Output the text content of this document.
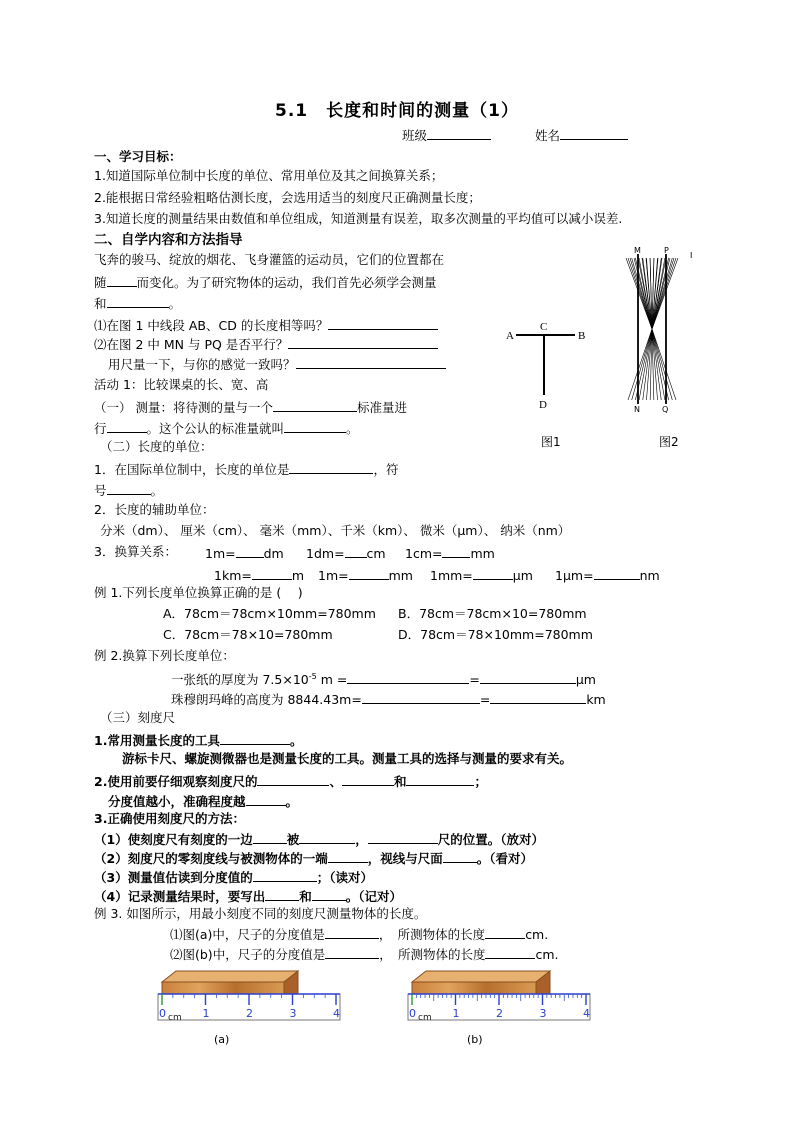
5.1　长度和时间的测量（1）
班级	姓名
一、学习目标：
1.知道国际单位制中长度的单位、常用单位及其之间换算关系；
2.能根据日常经验粗略估测长度，会选用适当的刻度尺正确测量长度；
3.知道长度的测量结果由数值和单位组成，知道测量有误差，取多次测量的平均值可以减小误差.
二、自学内容和方法指导
飞奔的骏马、绽放的烟花、飞身灌篮的运动员，它们的位置都在
随 而变化。为了研究物体的运动，我们首先必须学会测量
和	。
⑴在图 1 中线段 AB、CD 的长度相等吗？
⑵在图 2 中 MN 与 PQ 是否平行？
用尺量一下，与你的感觉一致吗？
活动 1：比较课桌的长、宽、高
（一） 测量：将待测的量与一个	标准量进
行	。这个公认的标准量就叫	。
（二）长度的单位：
1．在国际单位制中，长度的单位是	，符
号	。
2．长度的辅助单位：
分米（dm）、 厘米（cm）、 毫米（mm）、千米（km）、 微米（μm）、 纳米（nm）
3．换算关系： 1m= dm 1dm= cm 1cm= mm
1km=	m 1m=	mm 1mm=	μm 1μm=	nm
例 1.下列长度单位换算正确的是 (　 )
A．78cm＝78cm×10mm=780mm B．78cm＝78cm×10=780mm
C．78cm＝78×10=780mm	D．78cm＝78×10mm=780mm
例 2.换算下列长度单位：
一张纸的厚度为 $7.5\times 10^{-5}$ m =	=	μm
珠穆朗玛峰的高度为 8844.43m=	=	km
（三）刻度尺
1.常用测量长度的工具	。
游标卡尺、螺旋测微器也是测量长度的工具。测量工具的选择与测量的要求有关。
2.使用前要仔细观察刻度尺的	、	和	；
分度值越小，准确程度越	。
3.正确使用刻度尺的方法：
（1）使刻度尺有刻度的一边	被	，	尺的位置。（放对）
（2）刻度尺的零刻度线与被测物体的一端	，视线与尺面	。（看对）
（3）测量值估读到分度值的	；（读对）
（4）记录测量结果时，要写出	和	。（记对）
例 3. 如图所示，用最小刻度不同的刻度尺测量物体的长度。
⑴图(a)中，尺子的分度值是	，　所测物体的长度	cm.
⑵图(b)中，尺子的分度值是	，　所测物体的长度	cm.
A
C
B
D
图1
M	P
I
N	Q
图2
0	1	2	3	4
cm
(a)
0	1	2	3	4
cm
(b)
